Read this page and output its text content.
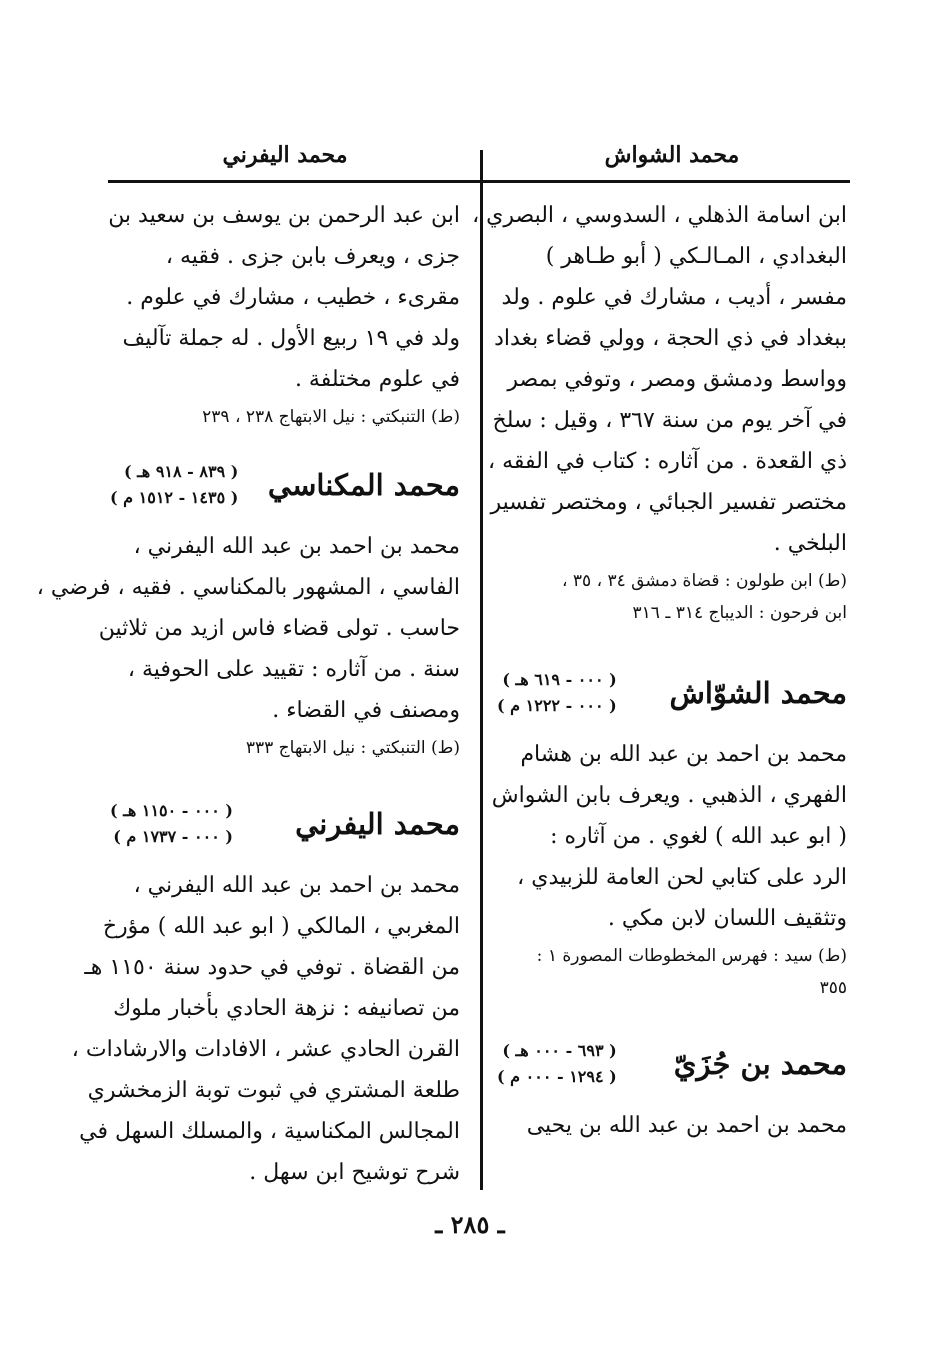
محمد الشواش
محمد اليفرني
ابن اسامة الذهلي ، السدوسي ، البصري ،
البغدادي ، المـالـكي ( أبو طـاهر )
مفسر ، أديب ، مشارك في علوم . ولد
ببغداد في ذي الحجة ، وولي قضاء بغداد
وواسط ودمشق ومصر ، وتوفي بمصر
في آخر يوم من سنة ٣٦٧ ، وقيل : سلخ
ذي القعدة . من آثاره : كتاب في الفقه ،
مختصر تفسير الجبائي ، ومختصر تفسير
البلخي .
(ط) ابن طولون : قضاة دمشق ٣٤ ، ٣٥ ،
ابن فرحون : الديباج ٣١٤ ـ ٣١٦
محمد الشوّاش
( ٠٠٠ - ٦١٩ هـ )
( ٠٠٠ - ١٢٢٢ م )
محمد بن احمد بن عبد الله بن هشام
الفهري ، الذهبي . ويعرف بابن الشواش
( ابو عبد الله ) لغوي . من آثاره :
الرد على كتابي لحن العامة للزبيدي ،
وتثقيف اللسان لابن مكي .
(ط) سيد : فهرس المخطوطات المصورة ١ :
٣٥٥
محمد بن جُزَيّ
( ٦٩٣ - ٠٠٠ هـ )
( ١٢٩٤ - ٠٠٠ م )
محمد بن احمد بن عبد الله بن يحيى
ابن عبد الرحمن بن يوسف بن سعيد بن
جزى ، ويعرف بابن جزى . فقيه ،
مقرىء ، خطيب ، مشارك في علوم .
ولد في ١٩ ربيع الأول . له جملة تآليف
في علوم مختلفة .
(ط) التنبكتي : نيل الابتهاج ٢٣٨ ، ٢٣٩
محمد المكناسي
( ٨٣٩ - ٩١٨ هـ )
( ١٤٣٥ - ١٥١٢ م )
محمد بن احمد بن عبد الله اليفرني ،
الفاسي ، المشهور بالمكناسي . فقيه ، فرضي ،
حاسب . تولى قضاء فاس ازيد من ثلاثين
سنة . من آثاره : تقييد على الحوفية ،
ومصنف في القضاء .
(ط) التنبكتي : نيل الابتهاج ٣٣٣
محمد اليفرني
( ٠٠٠ - ١١٥٠ هـ )
( ٠٠٠ - ١٧٣٧ م )
محمد بن احمد بن عبد الله اليفرني ،
المغربي ، المالكي ( ابو عبد الله ) مؤرخ
من القضاة . توفي في حدود سنة ١١٥٠ هـ
من تصانيفه : نزهة الحادي بأخبار ملوك
القرن الحادي عشر ، الافادات والارشادات ،
طلعة المشتري في ثبوت توبة الزمخشري
المجالس المكناسية ، والمسلك السهل في
شرح توشيح ابن سهل .
ـ ٢٨٥ ـ
